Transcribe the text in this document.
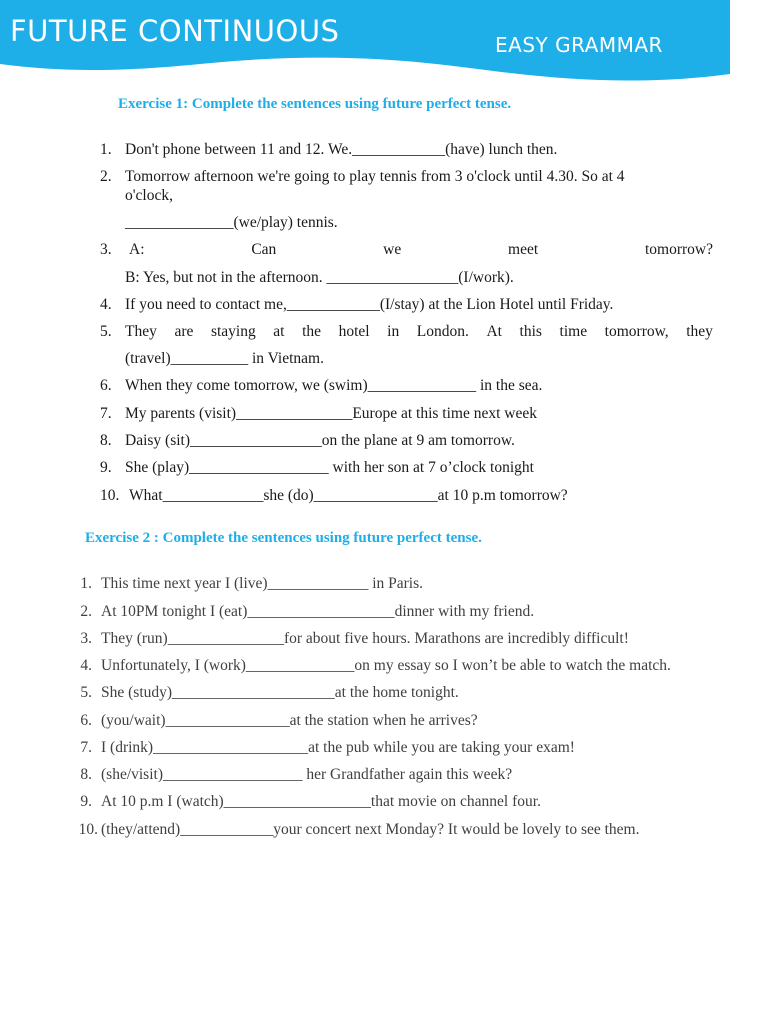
FUTURE CONTINUOUS	EASY GRAMMAR
Exercise 1: Complete the sentences using future perfect tense.
1. Don't phone between 11 and 12. We.____________(have) lunch then.
2. Tomorrow afternoon we're going to play tennis from 3 o'clock until 4.30. So at 4
o'clock,
______________(we/play) tennis.
3. A:	Can	we	meet	tomorrow?
B: Yes, but not in the afternoon. _________________(I/work).
4. If you need to contact me,____________(I/stay) at the Lion Hotel until Friday.
5. They are staying at the hotel in London. At this time tomorrow, they
(travel)__________ in Vietnam.
6. When they come tomorrow, we (swim)______________ in the sea.
7. My parents (visit)_______________Europe at this time next week
8. Daisy (sit)_________________on the plane at 9 am tomorrow.
9. She (play)__________________ with her son at 7 o’clock tonight
10. What_____________she (do)________________at 10 p.m tomorrow?
Exercise 2 : Complete the sentences using future perfect tense.
1. This time next year I (live)_____________ in Paris.
2. At 10PM tonight I (eat)___________________dinner with my friend.
3. They (run)_______________for about five hours. Marathons are incredibly difficult!
4. Unfortunately, I (work)______________on my essay so I won’t be able to watch the match.
5. She (study)_____________________at the home tonight.
6. (you/wait)________________at the station when he arrives?
7. I (drink)____________________at the pub while you are taking your exam!
8. (she/visit)__________________ her Grandfather again this week?
9. At 10 p.m I (watch)___________________that movie on channel four.
10. (they/attend)____________your concert next Monday? It would be lovely to see them.
